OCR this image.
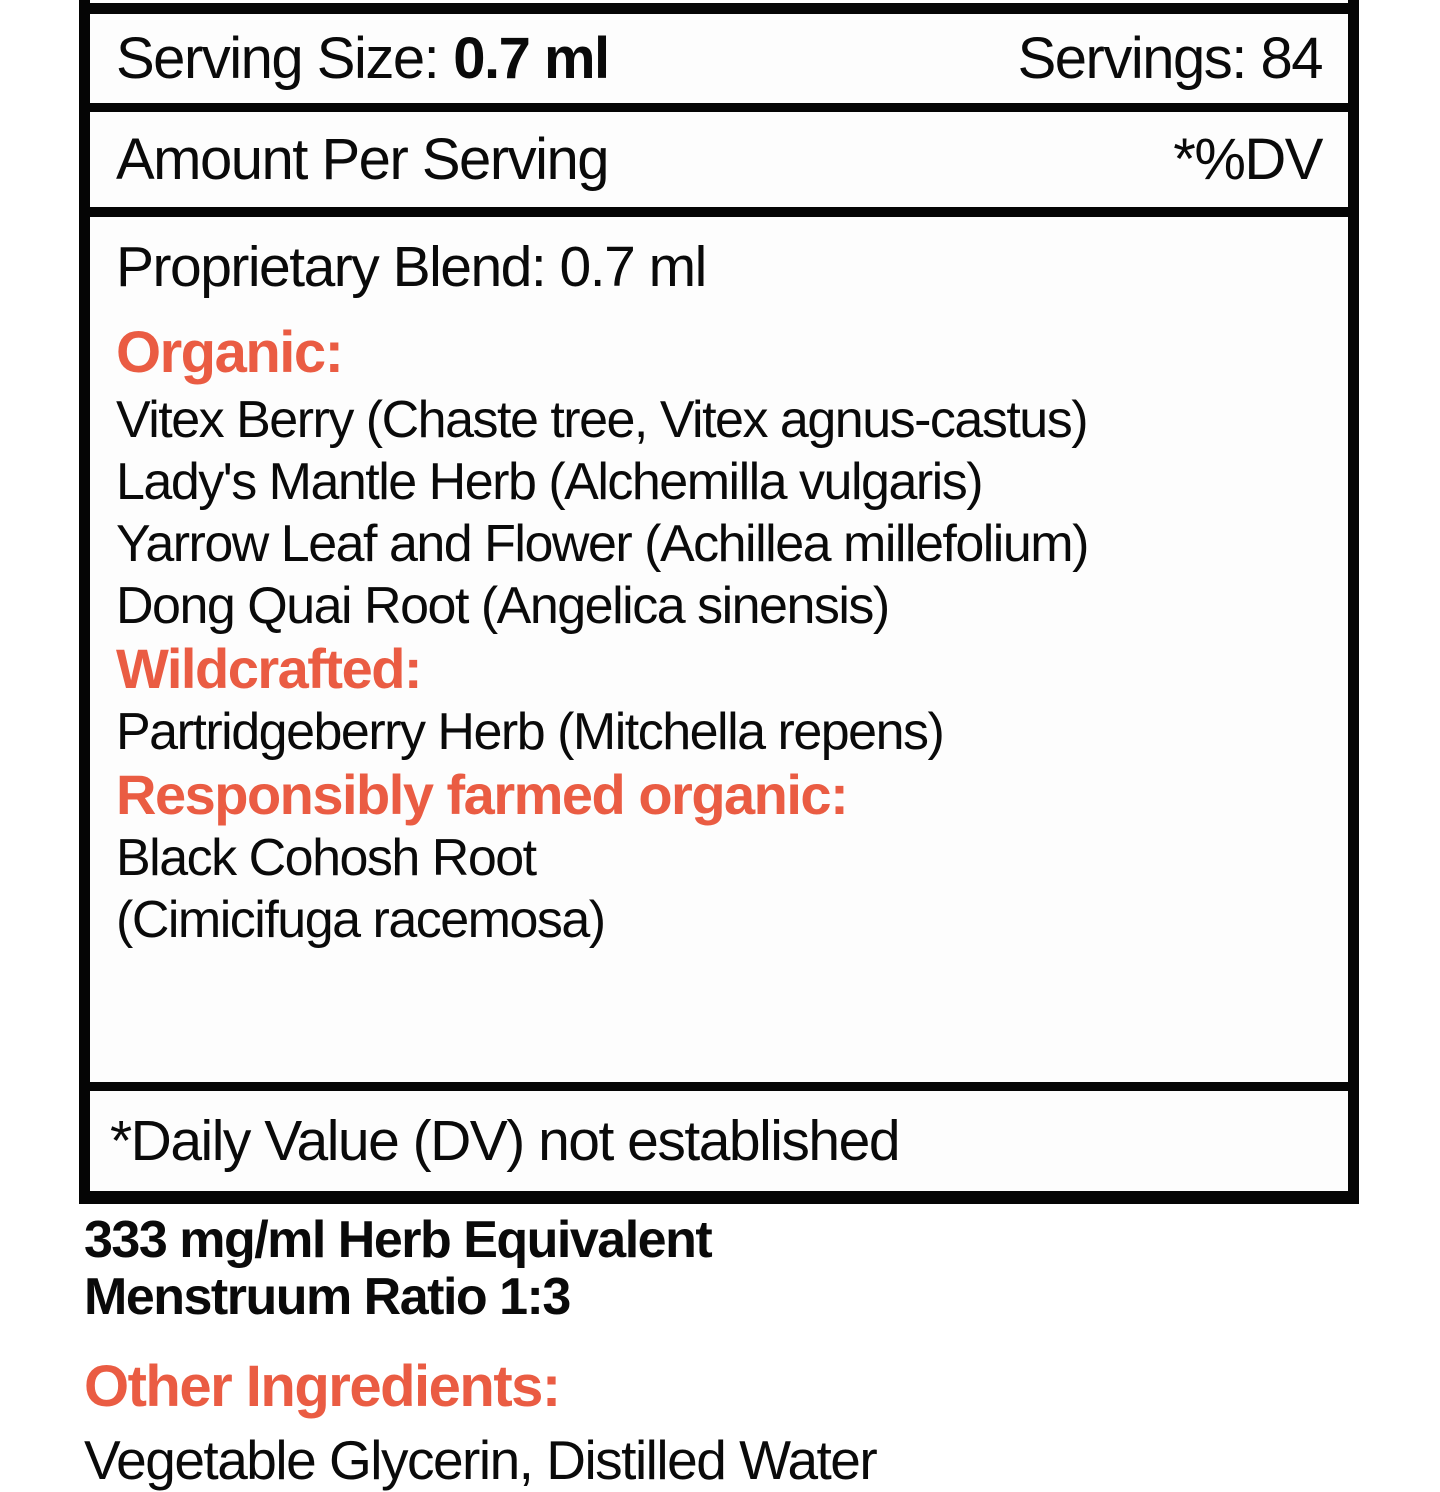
Serving Size: 0.7 ml	Servings: 84
Amount Per Serving	*%DV

Proprietary Blend: 0.7 ml

Organic:

Vitex Berry (Chaste tree, Vitex agnus-castus)

Lady's Mantle Herb (Alchemilla vulgaris)

Yarrow Leaf and Flower (Achillea millefolium)

Dong Quai Root (Angelica sinensis)

Wildcrafted:

Partridgeberry Herb (Mitchella repens)

Responsibly farmed organic:

Black Cohosh Root

(Cimicifuga racemosa)

*Daily Value (DV) not established

333 mg/ml Herb Equivalent

Menstruum Ratio 1:3

Other Ingredients:

Vegetable Glycerin, Distilled Water
